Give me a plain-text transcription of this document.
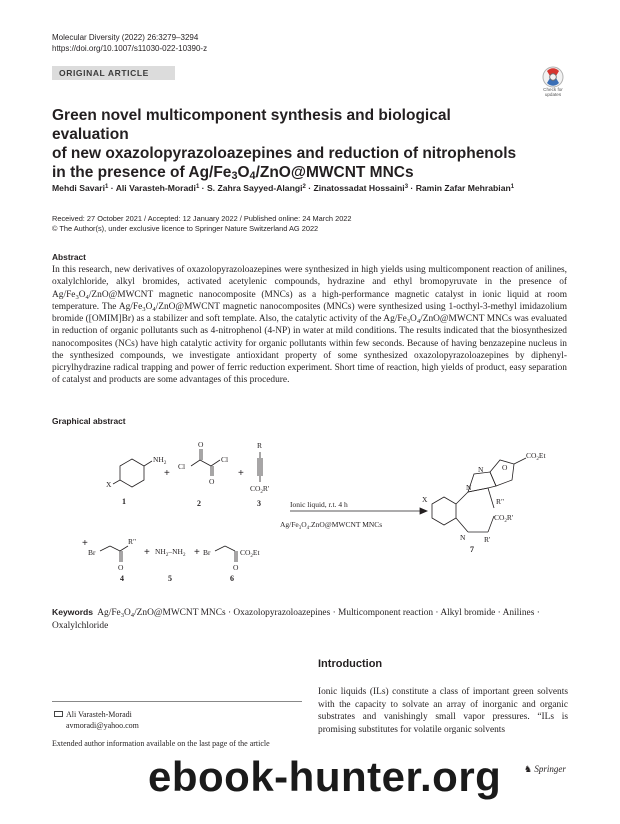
Molecular Diversity (2022) 26:3279–3294
https://doi.org/10.1007/s11030-022-10390-z
ORIGINAL ARTICLE
Check for
updates
Green novel multicomponent synthesis and biological evaluation
of new oxazolopyrazoloazepines and reduction of nitrophenols
in the presence of $Ag/Fe_3O_4/ZnO@MWCNT$ MNCs
Mehdi Savari$^1$ · Ali Varasteh‑Moradi$^1$ · S. Zahra Sayyed‑Alangi$^2$ · Zinatossadat Hossaini$^3$ · Ramin Zafar Mehrabian$^1$
Received: 27 October 2021 / Accepted: 12 January 2022 / Published online: 24 March 2022
© The Author(s), under exclusive licence to Springer Nature Switzerland AG 2022
Abstract
In this research, new derivatives of oxazolopyrazoloazepines were synthesized in high yields using multicomponent reaction of anilines, oxalylchloride, alkyl bromides, activated acetylenic compounds, hydrazine and ethyl bromopyruvate in the presence of $Ag/Fe_3O_4/ZnO@MWCNT$ magnetic nanocomposite (MNCs) as a high-performance magnetic catalyst in ionic liquid at room temperature. The $Ag/Fe_3O_4/ZnO@MWCNT$ magnetic nanocomposites (MNCs) were synthesized using 1-octhyl-3-methyl imidazolium bromide ([OMIM]Br) as a stabilizer and soft template. Also, the catalytic activity of the $Ag/Fe_3O_4/ZnO@MWCNT$ MNCs was evaluated in reduction of organic pollutants such as 4-nitrophenol (4-NP) in water at mild conditions. The results indicated that the biosynthesized nanocomposites (NCs) have high catalytic activity for organic pollutants within few seconds. Because of having benzazepine nucleus in the synthesized compounds, we investigate antioxidant property of some synthesized oxazolopyrazoloazepines by diphenyl-picrylhydrazine radical trapping and power of ferric reduction experiment. Short time of reaction, high yields of product, easy separation of catalyst and products are some advantages of this procedure.
Graphical abstract
$NH_2$
X
Cl
Cl
O
O
R
$CO_2R'$
Br
R"
O
$NH_2-NH_2$ Br
O
$CO_2Et$
Ionic liquid, r.t. 4 h
$Ag/Fe_3O_4.ZnO@MWCNT$ MNCs
X
N
N O
$CO_2Et$
R"
$CO_2R'$
N R'
+	+
+
+	+
1	2	3
4	5	6
7
Keywords $Ag/Fe_3O_4/ZnO@MWCNT$ MNCs · Oxazolopyrazoloazepines · Multicomponent reaction · Alkyl bromide · Anilines · Oxalylchloride
Introduction
Ionic liquids (ILs) constitute a class of important green solvents with the capacity to solvate an array of inorganic and organic substrates and vanishingly small vapor pressures. “ILs is promising substitutes for volatile organic solvents
Ali Varasteh‑Moradi
avmoradi@yahoo.com
Extended author information available on the last page of the article
ebook-hunter.org	♞ Springer
